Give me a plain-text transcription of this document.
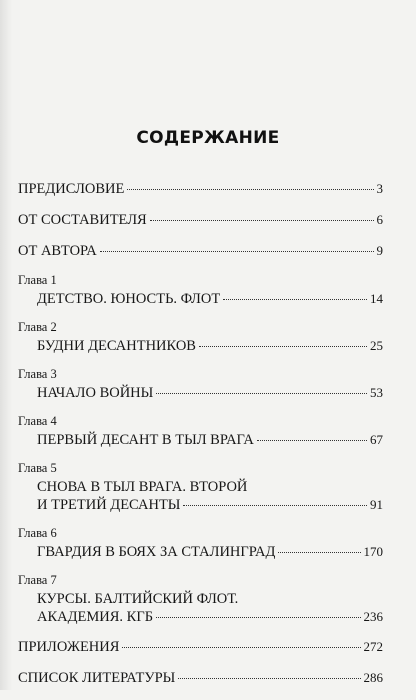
СОДЕРЖАНИЕ
ПРЕДИСЛОВИЕ	3
ОТ СОСТАВИТЕЛЯ	6
ОТ АВТОРА	9
Глава 1
ДЕТСТВО. ЮНОСТЬ. ФЛОТ	14
Глава 2
БУДНИ ДЕСАНТНИКОВ	25
Глава 3
НАЧАЛО ВОЙНЫ	53
Глава 4
ПЕРВЫЙ ДЕСАНТ В ТЫЛ ВРАГА	67
Глава 5
СНОВА В ТЫЛ ВРАГА. ВТОРОЙ
И ТРЕТИЙ ДЕСАНТЫ	91
Глава 6
ГВАРДИЯ В БОЯХ ЗА СТАЛИНГРАД	170
Глава 7
КУРСЫ. БАЛТИЙСКИЙ ФЛОТ.
АКАДЕМИЯ. КГБ	236
ПРИЛОЖЕНИЯ	272
СПИСОК ЛИТЕРАТУРЫ	286
